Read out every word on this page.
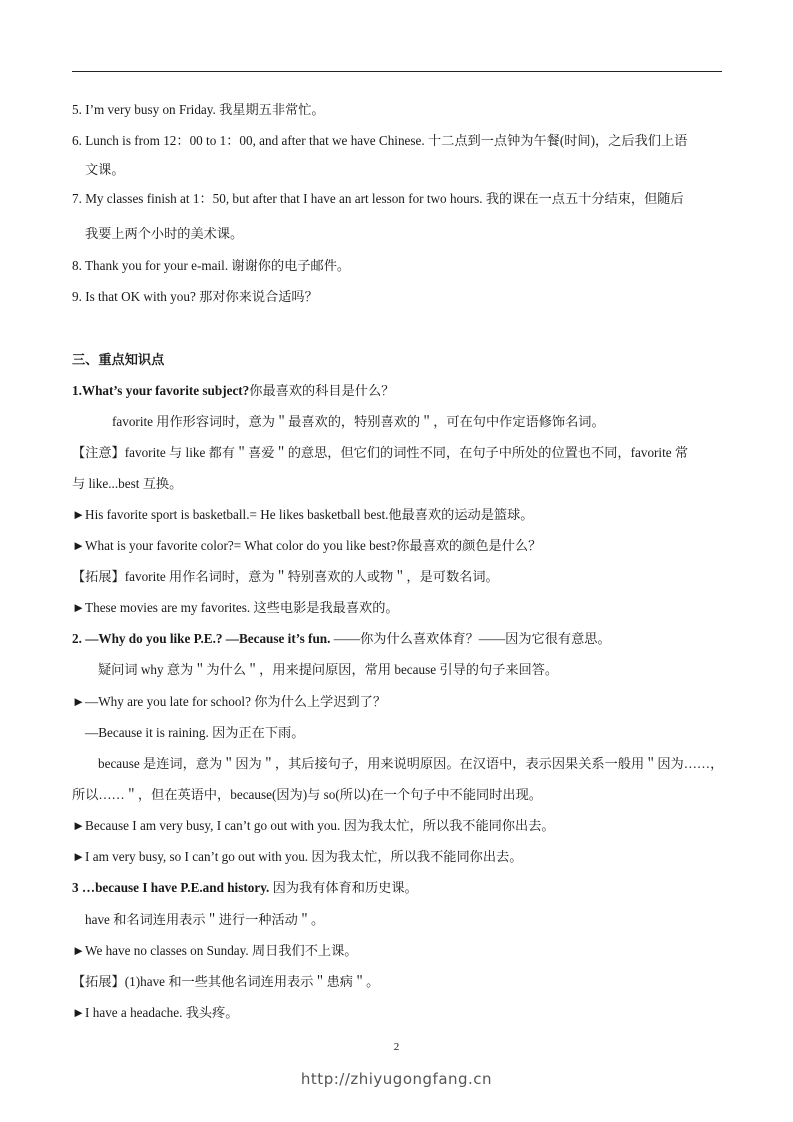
5. I’m very busy on Friday. 我星期五非常忙。
6. Lunch is from 12：00 to 1：00, and after that we have Chinese. 十二点到一点钟为午餐(时间)，之后我们上语
文课。
7. My classes finish at 1：50, but after that I have an art lesson for two hours. 我的课在一点五十分结束，但随后
我要上两个小时的美术课。
8. Thank you for your e-mail. 谢谢你的电子邮件。
9. Is that OK with you? 那对你来说合适吗？
三、重点知识点
1.What’s your favorite subject?你最喜欢的科目是什么？
favorite 用作形容词时，意为＂最喜欢的，特别喜欢的＂，可在句中作定语修饰名词。
【注意】favorite 与 like 都有＂喜爱＂的意思，但它们的词性不同，在句子中所处的位置也不同，favorite 常
与 like...best 互换。
►His favorite sport is basketball.= He likes basketball best.他最喜欢的运动是篮球。
►What is your favorite color?= What color do you like best?你最喜欢的颜色是什么？
【拓展】favorite 用作名词时，意为＂特别喜欢的人或物＂，是可数名词。
►These movies are my favorites. 这些电影是我最喜欢的。
2. —Why do you like P.E.? —Because it’s fun. ——你为什么喜欢体育？——因为它很有意思。
疑问词 why 意为＂为什么＂，用来提问原因，常用 because 引导的句子来回答。
►—Why are you late for school? 你为什么上学迟到了？
—Because it is raining. 因为正在下雨。
because 是连词，意为＂因为＂，其后接句子，用来说明原因。在汉语中，表示因果关系一般用＂因为……，
所以……＂，但在英语中，because(因为)与 so(所以)在一个句子中不能同时出现。
►Because I am very busy, I can’t go out with you. 因为我太忙，所以我不能同你出去。
►I am very busy, so I can’t go out with you. 因为我太忙，所以我不能同你出去。
3 …because I have P.E.and history. 因为我有体育和历史课。
have 和名词连用表示＂进行一种活动＂。
►We have no classes on Sunday. 周日我们不上课。
【拓展】(1)have 和一些其他名词连用表示＂患病＂。
►I have a headache. 我头疼。
2
http://zhiyugongfang.cn
